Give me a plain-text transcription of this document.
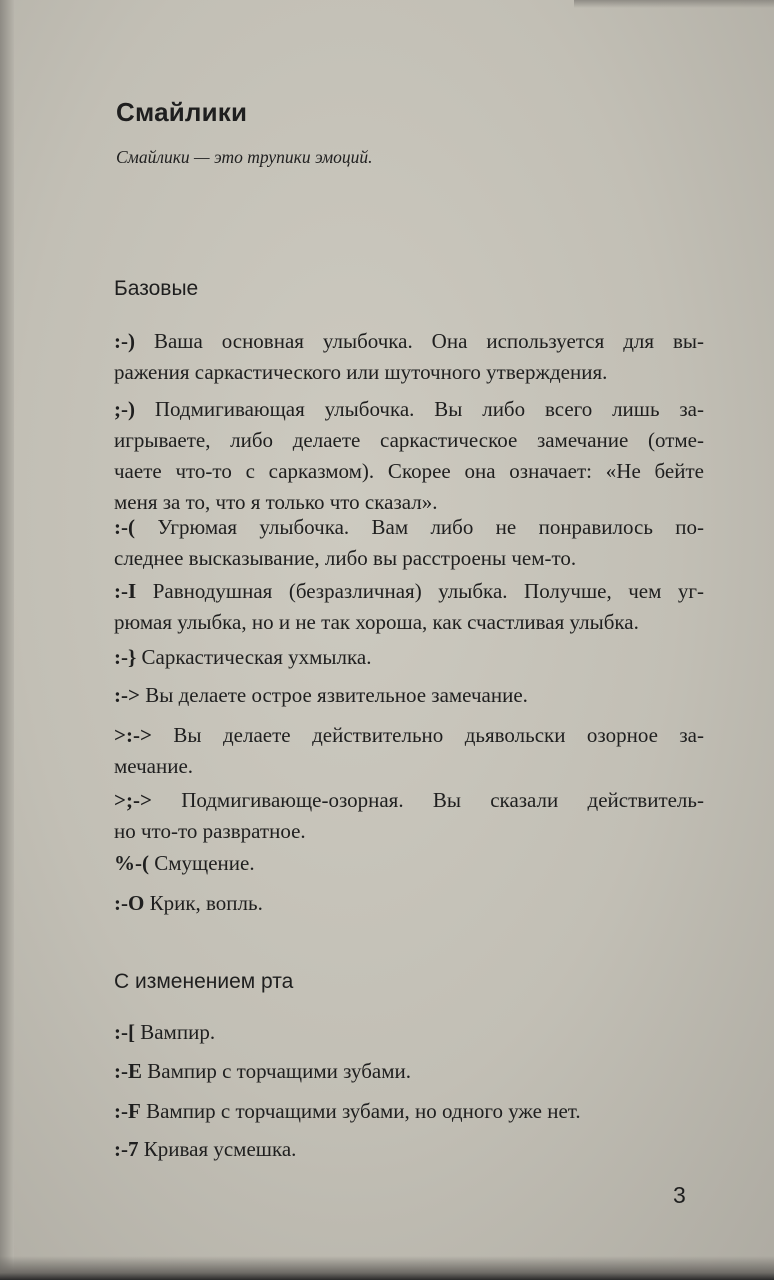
Смайлики

Смайлики — это трупики эмоций.

Базовые

:-) Ваша основная улыбочка. Она используется для вы-
ражения саркастического или шуточного утверждения.

;-) Подмигивающая улыбочка. Вы либо всего лишь за-
игрываете, либо делаете саркастическое замечание (отме-
чаете что-то с сарказмом). Скорее она означает: «Не бейте
меня за то, что я только что сказал».

:-( Угрюмая улыбочка. Вам либо не понравилось по-
следнее высказывание, либо вы расстроены чем-то.

:-I Равнодушная (безразличная) улыбка. Получше, чем уг-
рюмая улыбка, но и не так хороша, как счастливая улыбка.

:-} Саркастическая ухмылка.

:-> Вы делаете острое язвительное замечание.

>:-> Вы делаете действительно дьявольски озорное за-
мечание.

>;-> Подмигивающе-озорная. Вы сказали действитель-
но что-то развратное.

%-( Смущение.

:-O Крик, вопль.

С изменением рта

:-[ Вампир.

:-E Вампир с торчащими зубами.

:-F Вампир с торчащими зубами, но одного уже нет.

:-7 Кривая усмешка.

3
